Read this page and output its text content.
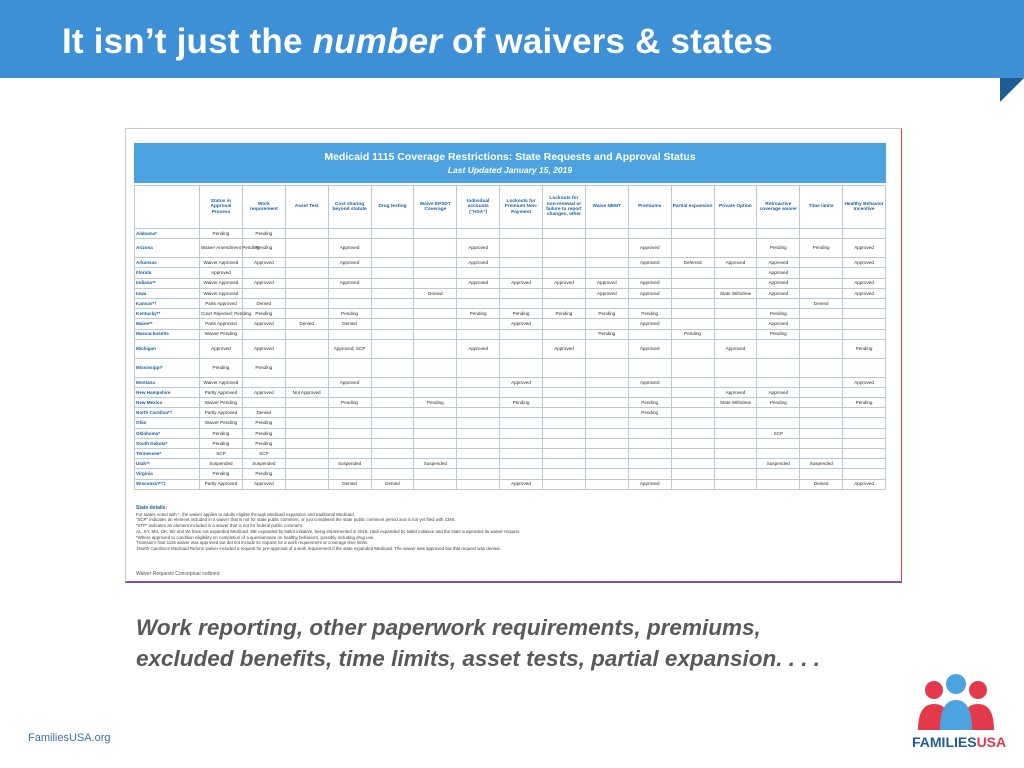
It isn’t just the number of waivers & states
Medicaid 1115 Coverage Restrictions: State Requests and Approval Status
Last Updated January 15, 2019
	Status in Approval Process	Work requirement	Asset Test	Cost sharing beyond statute	Drug testing	Waive EPSDT Coverage	Individual accounts (“HSA”)	Lockouts for Premium Non-Payment	Lockouts for non-renewal or failure to report changes, other	Waive NEMT	Premiums	Partial expansion	Private Option	Retroactive coverage waiver	Time limits	Healthy Behavior Incentive
Alabama*	Pending	Pending														
Arizona	Waiver Amendment Pending	Pending		Approved			Approved				Approved			Pending	Pending	Approved
Arkansas	Waiver Approved	Approved		Approved			Approved				Approved	Deferred	Approved	Approved		Approved
Florida	Approved													Approved		
Indiana**	Waiver Approved	Approved		Approved			Approved	Approved	Approved	Approved	Approved			Approved		Approved
Iowa	Waiver Approved					Denied				Approved	Approved		State Withdrew	Approved		Approved
Kansas*†	Parts Approved	Denied													Denied	
Kentucky**	Court Rejected; Pending	Pending		Pending			Pending	Pending	Pending	Pending	Pending			Pending		
Maine**	Parts Approved	Approved	Denied	Denied				Approved			Approved			Approved		
Massachusetts	Waiver Pending									Pending		Pending		Pending		
Michigan	Approved	Approved		Approved; SCP			Approved		Approved		Approved		Approved			Pending
Mississippi*	Pending	Pending														
Montana	Waiver Approved			Approved				Approved			Approved					Approved
New Hampshire	Partly Approved	Approved	Not Approved										Approved	Approved		
New Mexico	Waiver Pending			Pending		Pending		Pending			Pending		State Withdrew	Pending		Pending
North Carolina*†	Partly Approved	Denied									Pending					
Ohio	Waiver Pending	Pending														
Oklahoma*	Pending	Pending												SCP		
South Dakota*	Pending	Pending														
Tennessee*	SCP	SCP														
Utah**	Suspended	Suspended		Suspended		Suspended								Suspended	Suspended	
Virginia	Pending	Pending														
Wisconsin*†‡	Partly Approved	Approved		Denied	Denied			Approved			Approved				Denied	Approved
State details:
For states noted with *, the waiver applies to adults eligible through Medicaid expansion and traditional Medicaid.
“SCP” indicates an element included in a waiver that is not for state public comment, or just completed the state public comment period and is not yet filed with CMS.
“STP” indicates an element included in a waiver that is not for federal public comment.
AL, KY, MS, OK, SD and WI have not expanded Medicaid. ME expanded by ballot initiative, being implemented in 2019. Utah expanded by ballot initiative and the state suspended its waiver request.
*Where approved to condition eligibility on completion of a questionnaire on healthy behaviors, possibly including drug use.
†Kansas’s final 1115 waiver was approved but did not include its request for a work requirement or coverage time limits.
‡North Carolina’s Medicaid Reform waiver included a request for pre-approval of a work requirement if the state expanded Medicaid. The waiver was approved but that request was denied.
Waiver Requests Conceptual outlined
Work reporting, other paperwork requirements, premiums,
excluded benefits, time limits, asset tests, partial expansion. . . .
FamiliesUSA.org	FAMILIESUSA
